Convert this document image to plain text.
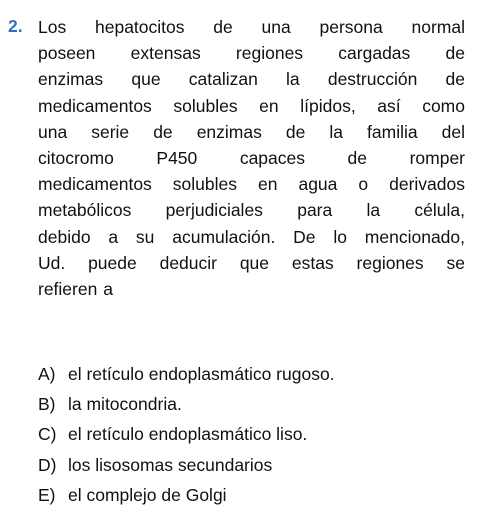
2. Los hepatocitos de una persona normal
poseen extensas regiones cargadas de
enzimas que catalizan la destrucción de
medicamentos solubles en lípidos, así como
una serie de enzimas de la familia del
citocromo P450 capaces de romper
medicamentos solubles en agua o derivados
metabólicos perjudiciales para la célula,
debido a su acumulación. De lo mencionado,
Ud. puede deducir que estas regiones se
refieren a
A) el retículo endoplasmático rugoso.
B) la mitocondria.
C) el retículo endoplasmático liso.
D) los lisosomas secundarios
E) el complejo de Golgi
